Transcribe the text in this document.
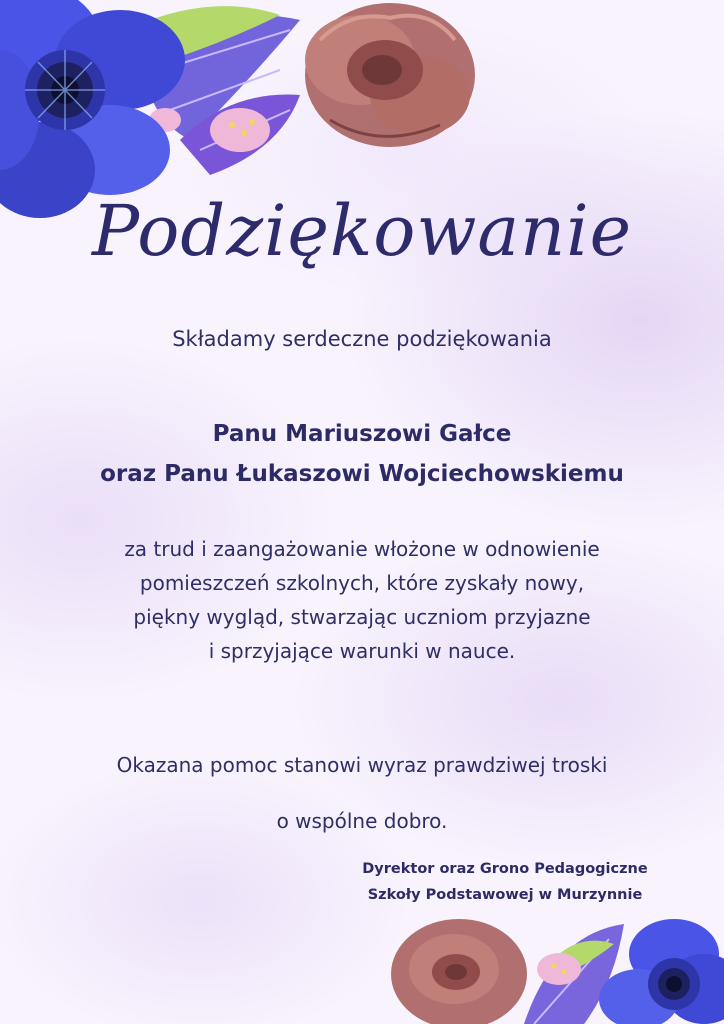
Podziękowanie
Składamy serdeczne podziękowania
Panu Mariuszowi Gałce
oraz Panu Łukaszowi Wojciechowskiemu
za trud i zaangażowanie włożone w odnowienie
pomieszczeń szkolnych, które zyskały nowy,
piękny wygląd, stwarzając uczniom przyjazne
i sprzyjające warunki w nauce.
Okazana pomoc stanowi wyraz prawdziwej troski
o wspólne dobro.
Dyrektor oraz Grono Pedagogiczne
Szkoły Podstawowej w Murzynnie
